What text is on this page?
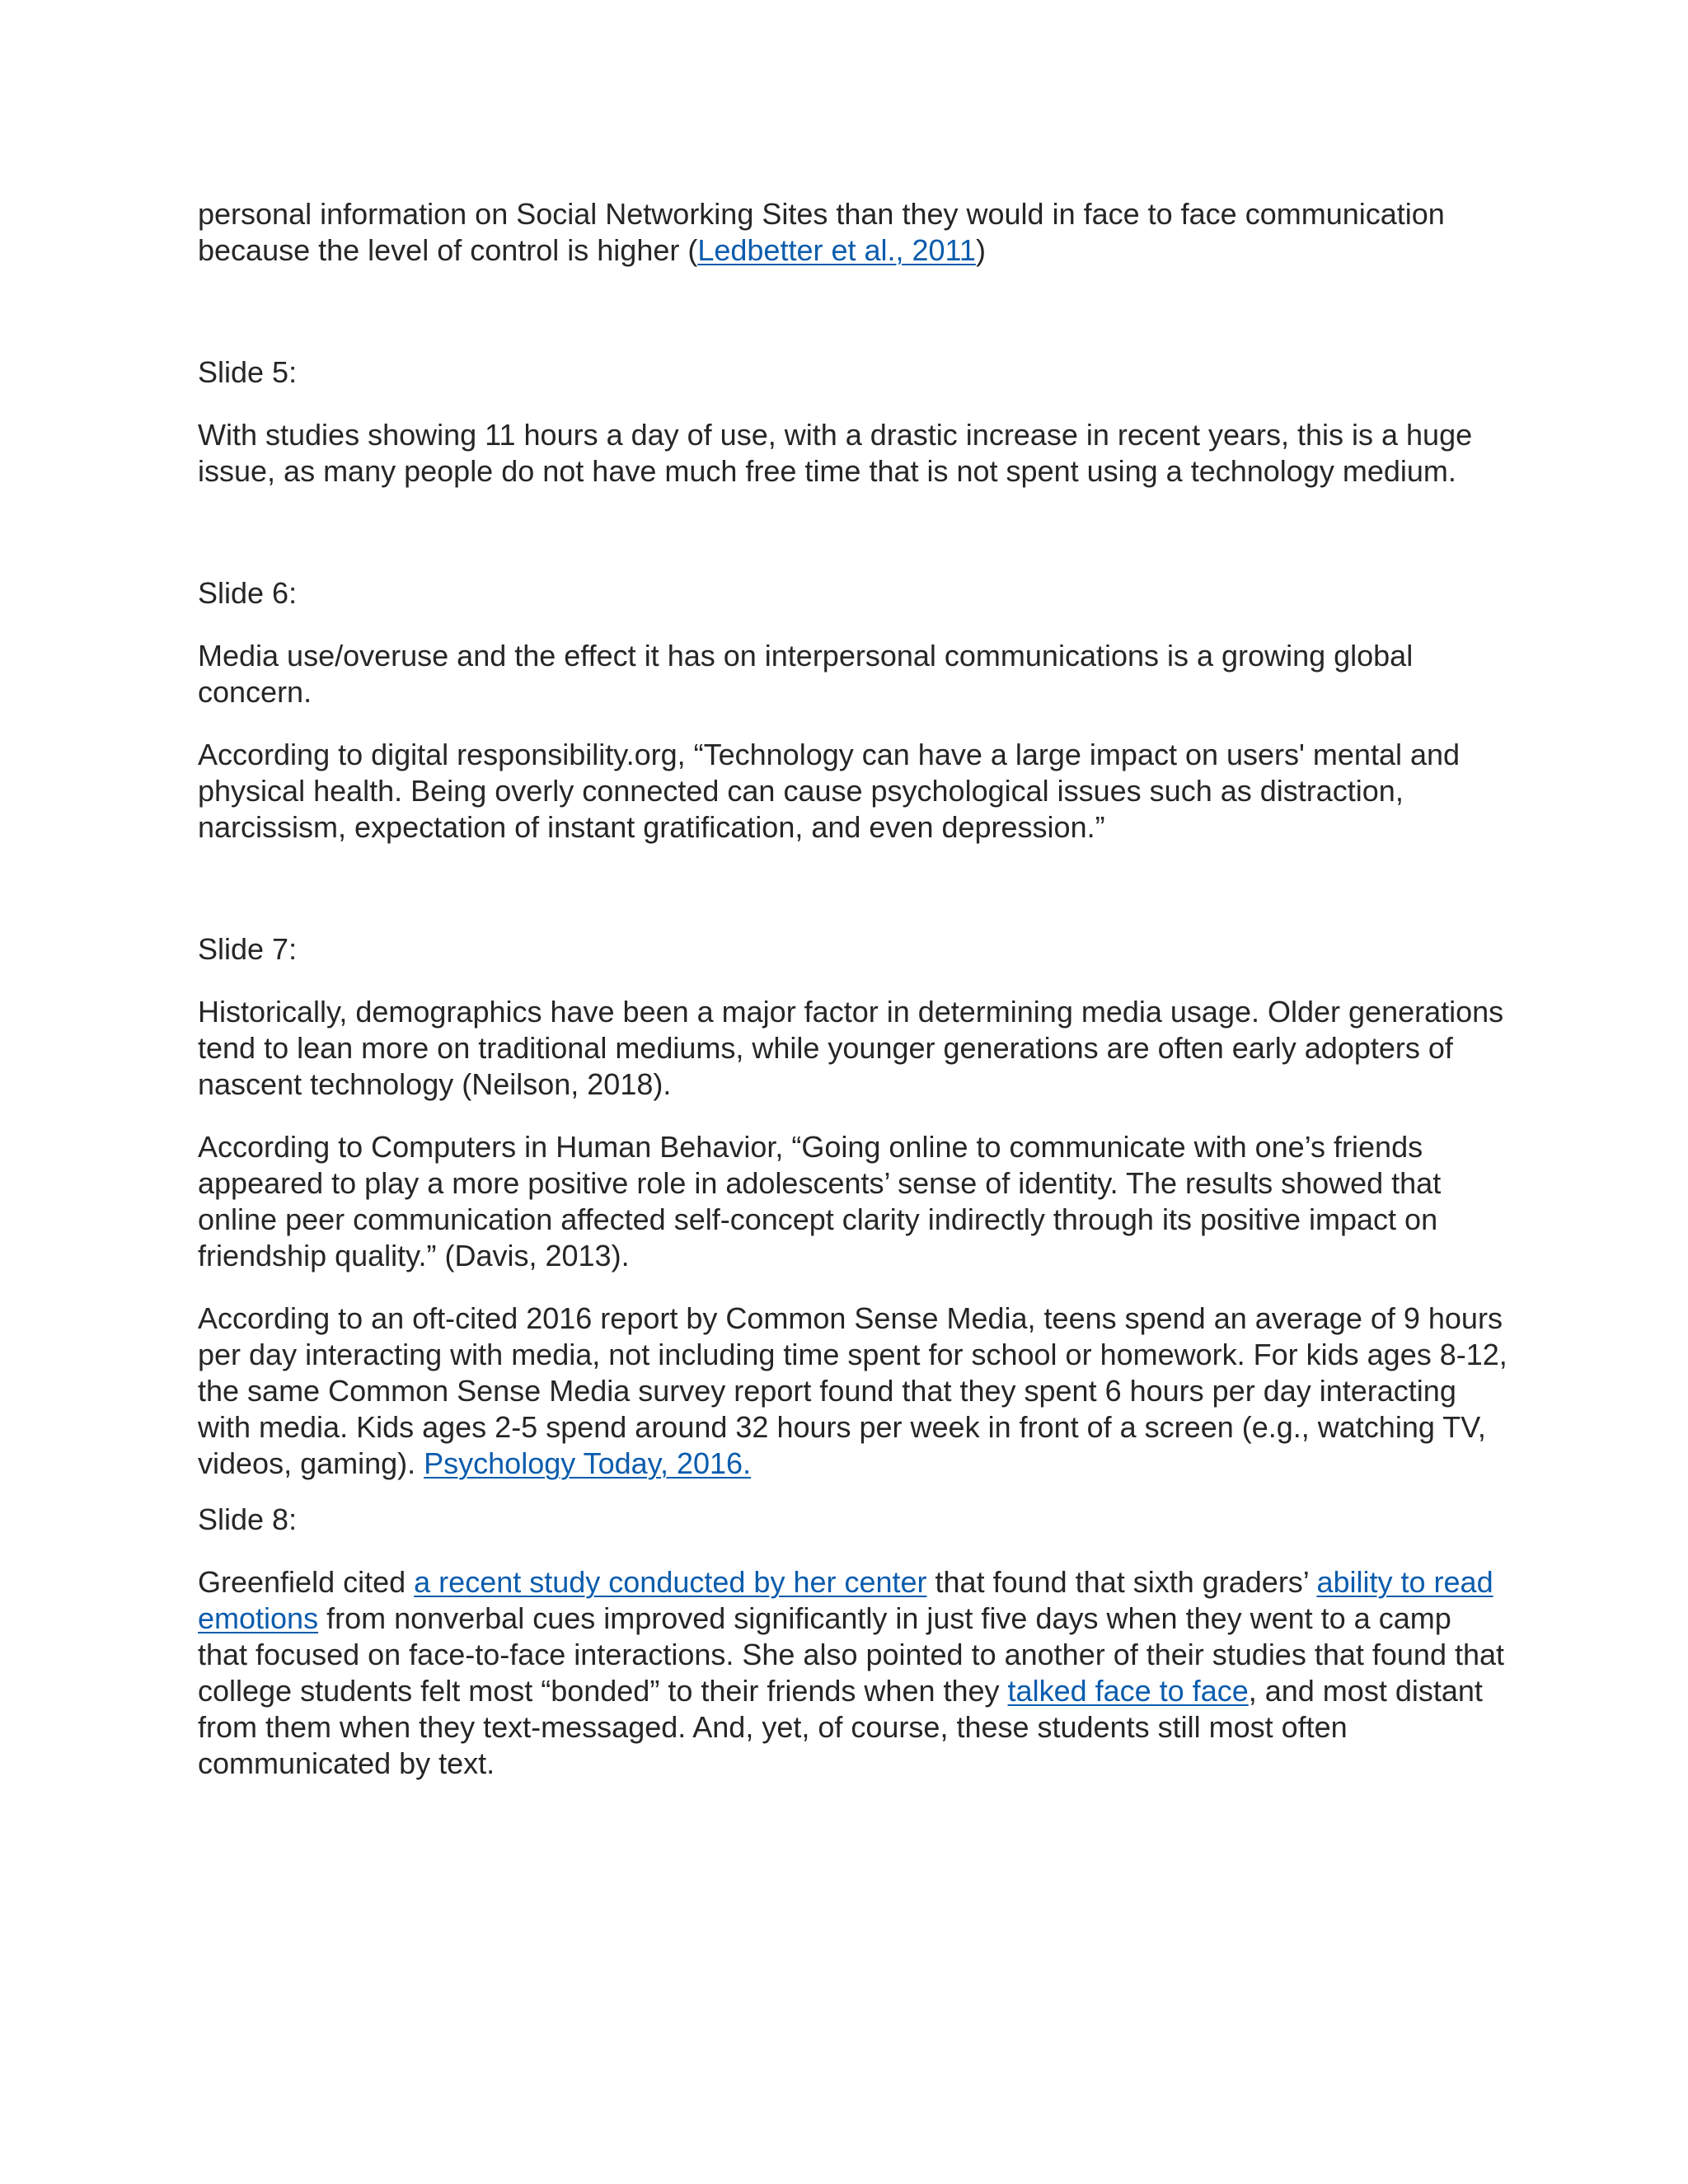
personal information on Social Networking Sites than they would in face to face communication because the level of control is higher (Ledbetter et al., 2011)

Slide 5:

With studies showing 11 hours a day of use, with a drastic increase in recent years, this is a huge issue, as many people do not have much free time that is not spent using a technology medium.

Slide 6:

Media use/overuse and the effect it has on interpersonal communications is a growing global concern.

According to digital responsibility.org, “Technology can have a large impact on users' mental and physical health. Being overly connected can cause psychological issues such as distraction, narcissism, expectation of instant gratification, and even depression.”

Slide 7:

Historically, demographics have been a major factor in determining media usage. Older generations tend to lean more on traditional mediums, while younger generations are often early adopters of nascent technology (Neilson, 2018).

According to Computers in Human Behavior, “Going online to communicate with one’s friends appeared to play a more positive role in adolescents’ sense of identity. The results showed that online peer communication affected self-concept clarity indirectly through its positive impact on friendship quality.” (Davis, 2013).

According to an oft-cited 2016 report by Common Sense Media, teens spend an average of 9 hours per day interacting with media, not including time spent for school or homework. For kids ages 8-12, the same Common Sense Media survey report found that they spent 6 hours per day interacting with media. Kids ages 2-5 spend around 32 hours per week in front of a screen (e.g., watching TV, videos, gaming). Psychology Today, 2016.

Slide 8:

Greenfield cited a recent study conducted by her center that found that sixth graders’ ability to read emotions from nonverbal cues improved significantly in just five days when they went to a camp that focused on face-to-face interactions. She also pointed to another of their studies that found that college students felt most “bonded” to their friends when they talked face to face, and most distant from them when they text-messaged. And, yet, of course, these students still most often communicated by text.
